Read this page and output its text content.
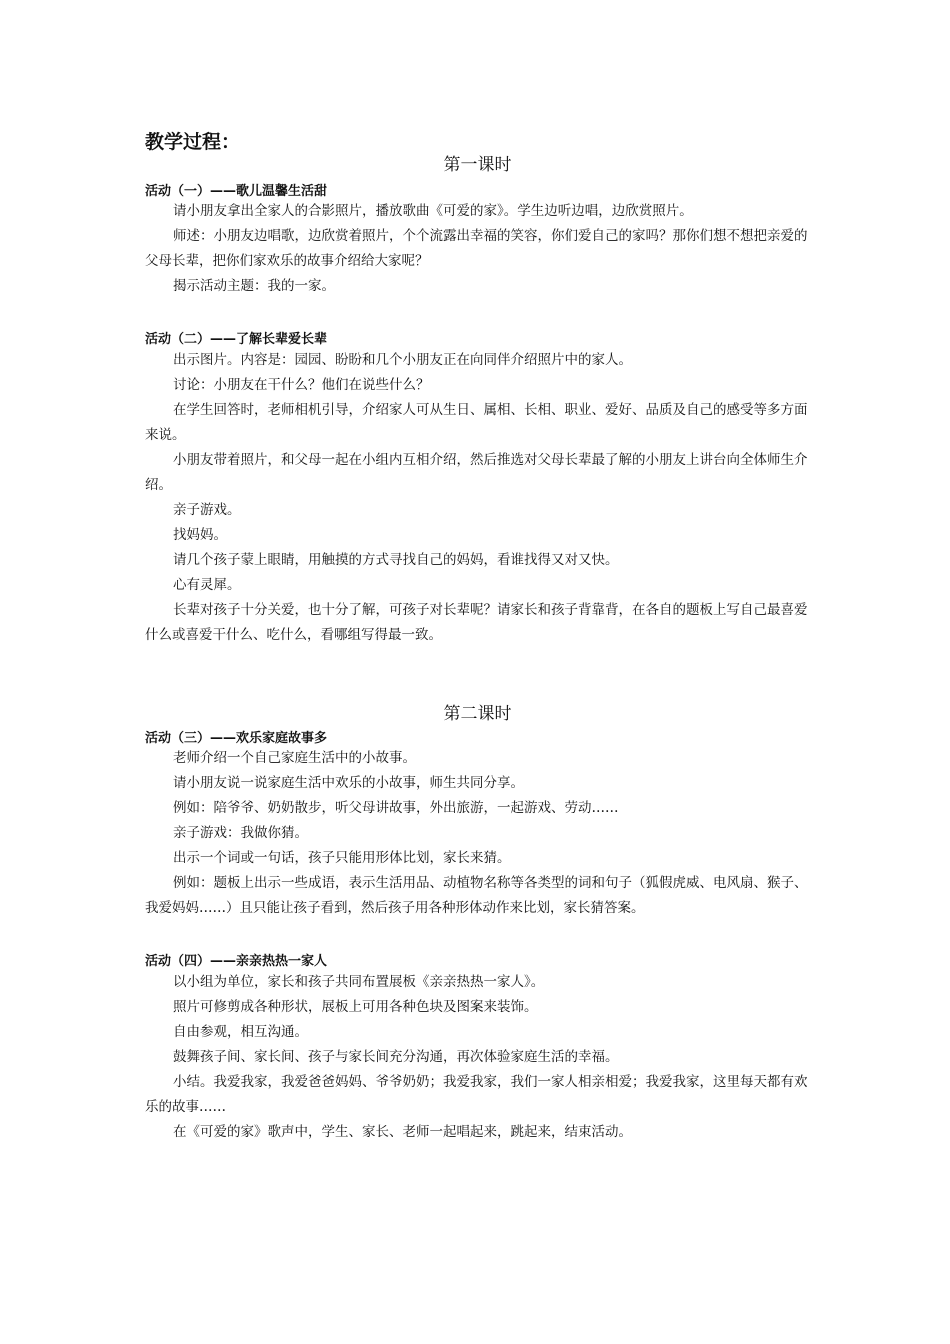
教学过程：
第一课时
活动（一）——歌儿温馨生活甜

请小朋友拿出全家人的合影照片，播放歌曲《可爱的家》。学生边听边唱，边欣赏照片。

师述：小朋友边唱歌，边欣赏着照片，个个流露出幸福的笑容，你们爱自己的家吗？那你们想不想把亲爱的父母长辈，把你们家欢乐的故事介绍给大家呢？

揭示活动主题：我的一家。

活动（二）——了解长辈爱长辈

出示图片。内容是：园园、盼盼和几个小朋友正在向同伴介绍照片中的家人。

讨论：小朋友在干什么？他们在说些什么？

在学生回答时，老师相机引导，介绍家人可从生日、属相、长相、职业、爱好、品质及自己的感受等多方面来说。

小朋友带着照片，和父母一起在小组内互相介绍，然后推选对父母长辈最了解的小朋友上讲台向全体师生介绍。

亲子游戏。

找妈妈。

请几个孩子蒙上眼睛，用触摸的方式寻找自己的妈妈，看谁找得又对又快。

心有灵犀。

长辈对孩子十分关爱，也十分了解，可孩子对长辈呢？请家长和孩子背靠背，在各自的题板上写自己最喜爱什么或喜爱干什么、吃什么，看哪组写得最一致。

第二课时
活动（三）——欢乐家庭故事多

老师介绍一个自己家庭生活中的小故事。

请小朋友说一说家庭生活中欢乐的小故事，师生共同分享。

例如：陪爷爷、奶奶散步，听父母讲故事，外出旅游，一起游戏、劳动……

亲子游戏：我做你猜。

出示一个词或一句话，孩子只能用形体比划，家长来猜。

例如：题板上出示一些成语，表示生活用品、动植物名称等各类型的词和句子（狐假虎威、电风扇、猴子、我爱妈妈……）且只能让孩子看到，然后孩子用各种形体动作来比划，家长猜答案。

活动（四）——亲亲热热一家人

以小组为单位，家长和孩子共同布置展板《亲亲热热一家人》。

照片可修剪成各种形状，展板上可用各种色块及图案来装饰。

自由参观，相互沟通。

鼓舞孩子间、家长间、孩子与家长间充分沟通，再次体验家庭生活的幸福。

小结。我爱我家，我爱爸爸妈妈、爷爷奶奶；我爱我家，我们一家人相亲相爱；我爱我家，这里每天都有欢乐的故事……

在《可爱的家》歌声中，学生、家长、老师一起唱起来，跳起来，结束活动。
